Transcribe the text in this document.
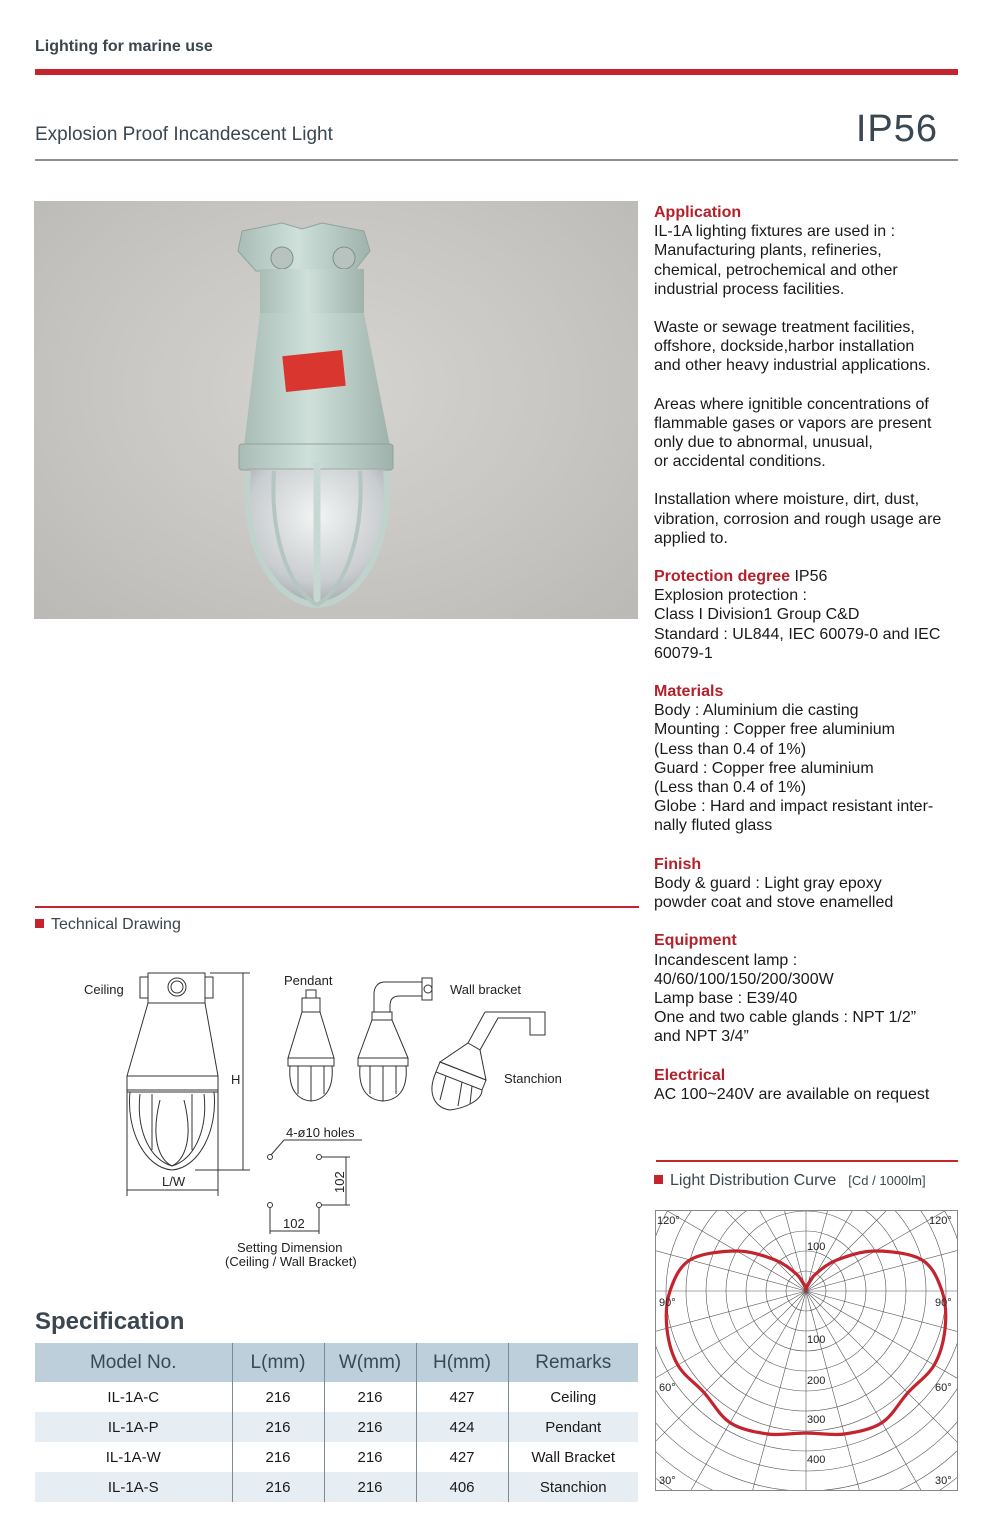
Lighting for marine use
Explosion Proof Incandescent Light	IP56
Application
IL-1A lighting fixtures are used in :
Manufacturing plants, refineries,
chemical, petrochemical and other
industrial process facilities.
Waste or sewage treatment facilities,
offshore, dockside,harbor installation
and other heavy industrial applications.
Areas where ignitible concentrations of
flammable gases or vapors are present
only due to abnormal, unusual,
or accidental conditions.
Installation where moisture, dirt, dust,
vibration, corrosion and rough usage are
applied to.
Protection degree IP56
Explosion protection :
Class I Division1 Group C&D
Standard : UL844, IEC 60079-0 and IEC
60079-1
Materials
Body : Aluminium die casting
Mounting : Copper free aluminium
(Less than 0.4 of 1%)
Guard : Copper free aluminium
(Less than 0.4 of 1%)
Globe : Hard and impact resistant inter-
nally fluted glass
Finish
Body & guard : Light gray epoxy
powder coat and stove enamelled
Equipment
Incandescent lamp :
40/60/100/150/200/300W
Lamp base : E39/40
One and two cable glands : NPT 1/2”
and NPT 3/4”
Electrical
AC 100~240V are available on request
Technical Drawing
Ceiling
H
L/W
Pendant
Wall bracket
Stanchion
4-ø10 holes
102
102
Setting Dimension
(Ceiling / Wall Bracket)
Specification
Model No.	L(mm)	W(mm)	H(mm)	Remarks
IL-1A-C	216	216	427	Ceiling
IL-1A-P	216	216	424	Pendant
IL-1A-W	216	216	427	Wall Bracket
IL-1A-S	216	216	406	Stanchion
Light Distribution Curve [Cd / 1000lm]
120°	120°
90°	90°
60°	60°
30°	30°
100
100
200
300
400
